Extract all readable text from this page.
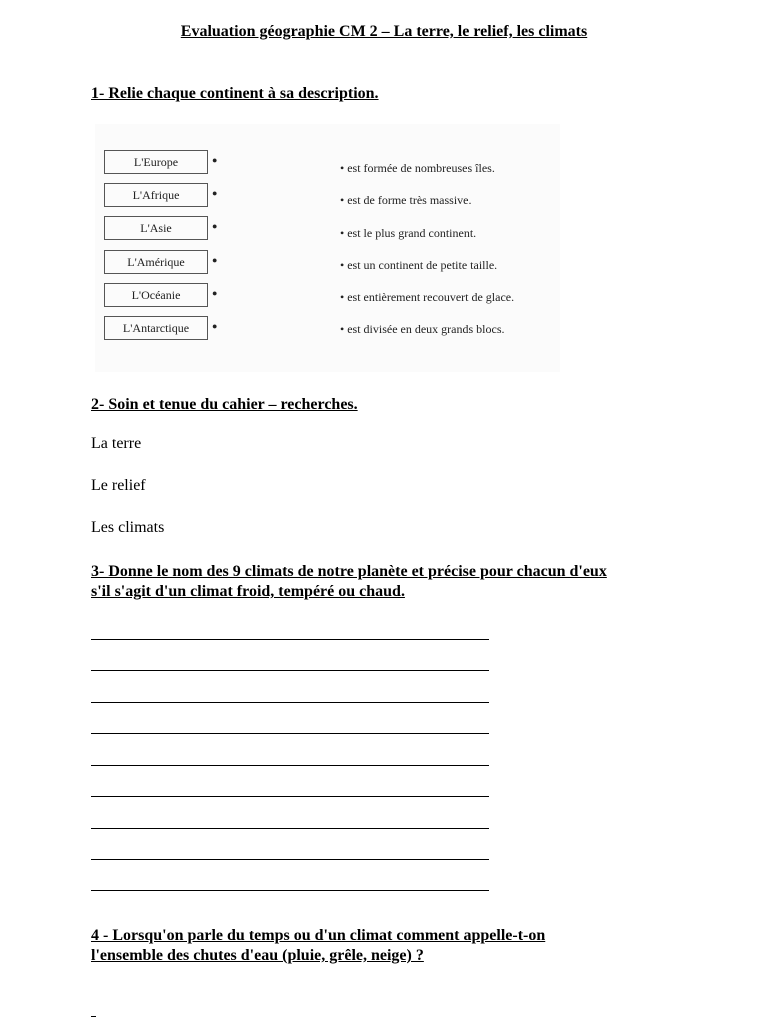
Evaluation géographie CM 2 – La terre, le relief, les climats
1- Relie chaque continent à sa description.
L'Europe
L'Afrique
L'Asie
L'Amérique
L'Océanie
L'Antarctique
●
●
●
●
●
●
• est formée de nombreuses îles.
• est de forme très massive.
• est le plus grand continent.
• est un continent de petite taille.
• est entièrement recouvert de glace.
• est divisée en deux grands blocs.
2- Soin et tenue du cahier – recherches.
La terre
Le relief
Les climats
3- Donne le nom des 9 climats de notre planète et précise pour chacun d'eux
s'il s'agit d'un climat froid, tempéré ou chaud.
4 - Lorsqu'on parle du temps ou d'un climat comment appelle-t-on
l'ensemble des chutes d'eau (pluie, grêle, neige) ?
